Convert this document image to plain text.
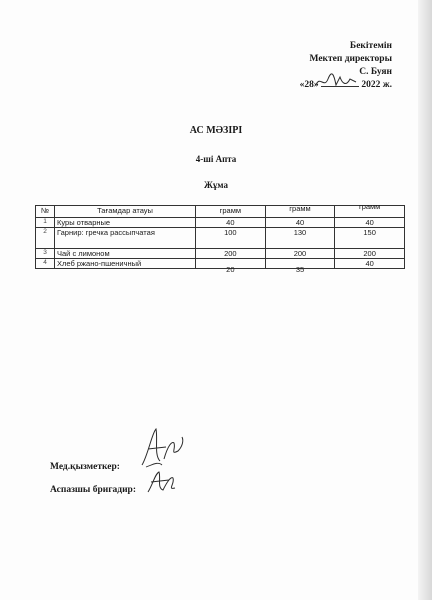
Бекітемін
Мектеп директоры
С. Буян
«28»	2022 ж.
АС МӘЗІРІ
4-ші Апта
Жұма
№	Тағамдар атауы	грамм	грамм	грамм
1	Куры отварные	40	40	40
2	Гарнир: гречка рассыпчатая	100	130	150
3	Чай с лимоном	200	200	200
4	Хлеб ржано-пшеничный	20	35	40
Мед.қызметкер:
Аспазшы бригадир:
